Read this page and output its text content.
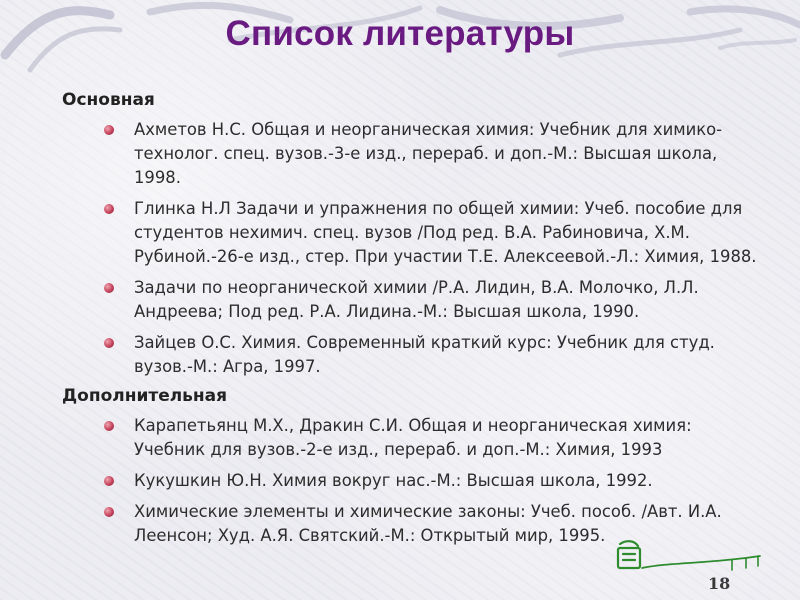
Список литературы
Основная
Ахметов Н.С. Общая и неорганическая химия: Учебник для химико-технолог. спец. вузов.-3-е изд., перераб. и доп.-М.: Высшая школа, 1998.
Глинка Н.Л Задачи и упражнения по общей химии: Учеб. пособие для студентов нехимич. спец. вузов /Под ред. В.А. Рабиновича, Х.М. Рубиной.-26-е изд., стер. При участии Т.Е. Алексеевой.-Л.: Химия, 1988.
Задачи по неорганической химии /Р.А. Лидин, В.А. Молочко, Л.Л. Андреева; Под ред. Р.А. Лидина.-М.: Высшая школа, 1990.
Зайцев О.С. Химия. Современный краткий курс: Учебник для студ. вузов.-М.: Агра, 1997.
Дополнительная
Карапетьянц М.Х., Дракин С.И. Общая и неорганическая химия: Учебник для вузов.-2-е изд., перераб. и доп.-М.: Химия, 1993
Кукушкин Ю.Н. Химия вокруг нас.-М.: Высшая школа, 1992.
Химические элементы и химические законы: Учеб. пособ. /Авт. И.А. Леенсон; Худ. А.Я. Святский.-М.: Открытый мир, 1995.
18
